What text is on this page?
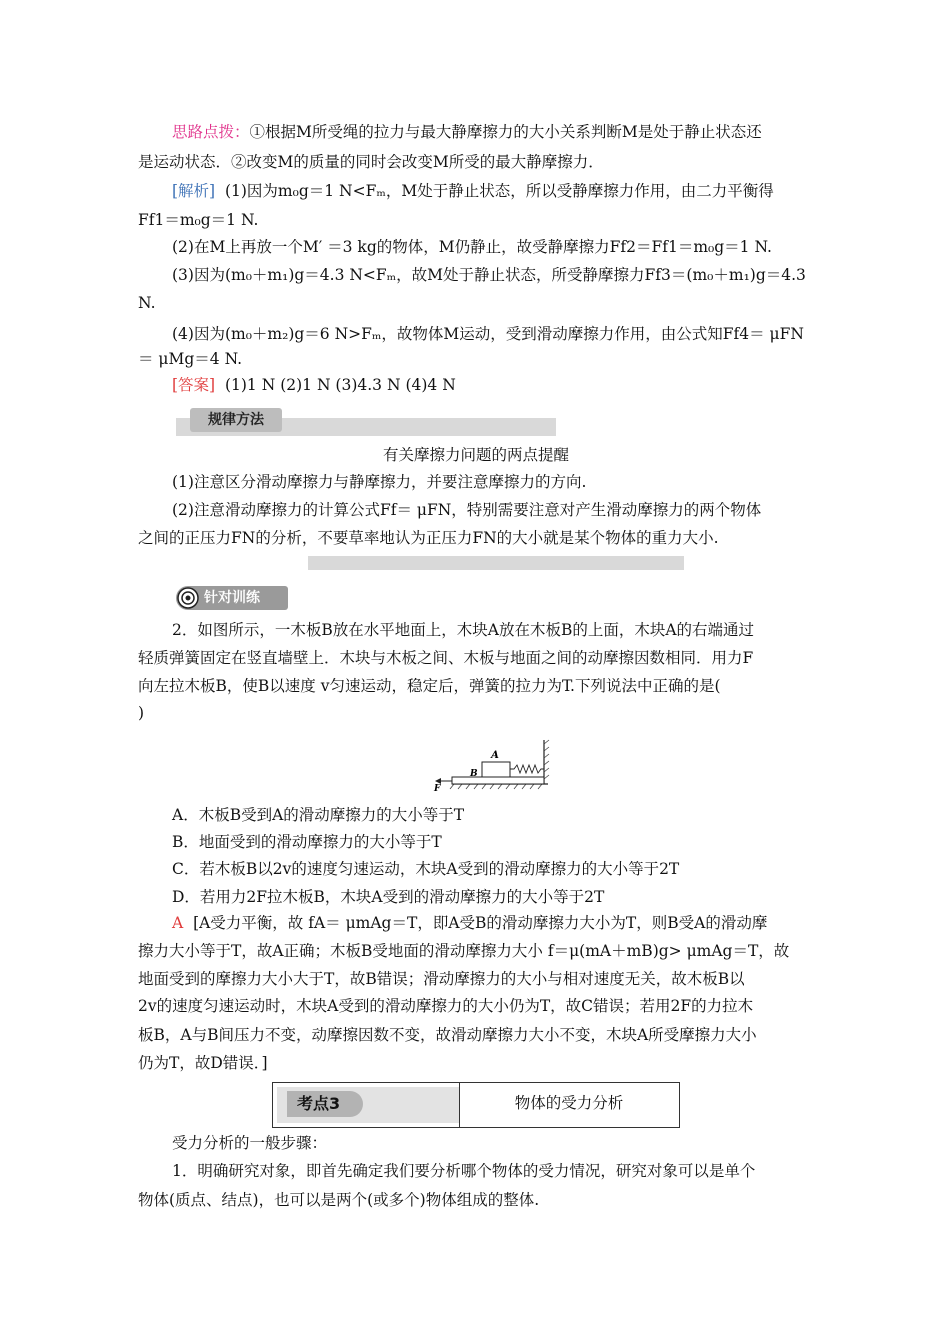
思路点拨：①根据M所受绳的拉力与最大静摩擦力的大小关系判断M是处于静止状态还
是运动状态．②改变M的质量的同时会改变M所受的最大静摩擦力．
[解析] (1)因为m₀g＝1 N<Fₘ，M处于静止状态，所以受静摩擦力作用，由二力平衡得
Ff1＝m₀g＝1 N.
(2)在M上再放一个M′ ＝3 kg的物体，M仍静止，故受静摩擦力Ff2＝Ff1＝m₀g＝1 N.
(3)因为(m₀＋m₁)g＝4.3 N<Fₘ，故M处于静止状态，所受静摩擦力Ff3＝(m₀＋m₁)g＝4.3
N.
(4)因为(m₀＋m₂)g＝6 N>Fₘ，故物体M运动，受到滑动摩擦力作用，由公式知Ff4＝ μFN
＝ μMg＝4 N.
[答案] (1)1 N (2)1 N (3)4.3 N (4)4 N
规律方法
有关摩擦力问题的两点提醒
(1)注意区分滑动摩擦力与静摩擦力，并要注意摩擦力的方向.
(2)注意滑动摩擦力的计算公式Ff＝ μFN，特别需要注意对产生滑动摩擦力的两个物体
之间的正压力FN的分析，不要草率地认为正压力FN的大小就是某个物体的重力大小.
针对训练
2．如图所示，一木板B放在水平地面上，木块A放在木板B的上面，木块A的右端通过
轻质弹簧固定在竖直墙壁上．木块与木板之间、木板与地面之间的动摩擦因数相同．用力F
向左拉木板B，使B以速度 v匀速运动，稳定后，弹簧的拉力为T.下列说法中正确的是(
)
A
B
F
A．木板B受到A的滑动摩擦力的大小等于T
B．地面受到的滑动摩擦力的大小等于T
C．若木板B以2v的速度匀速运动，木块A受到的滑动摩擦力的大小等于2T
D．若用力2F拉木板B，木块A受到的滑动摩擦力的大小等于2T
A [A受力平衡，故 fA＝ μmAg＝T，即A受B的滑动摩擦力大小为T，则B受A的滑动摩
擦力大小等于T，故A正确；木板B受地面的滑动摩擦力大小 f＝μ(mA＋mB)g> μmAg＝T，故
地面受到的摩擦力大小大于T，故B错误；滑动摩擦力的大小与相对速度无关，故木板B以
2v的速度匀速运动时，木块A受到的滑动摩擦力的大小仍为T，故C错误；若用2F的力拉木
板B，A与B间压力不变，动摩擦因数不变，故滑动摩擦力大小不变，木块A所受摩擦力大小
仍为T，故D错误．]
考点3	物体的受力分析
受力分析的一般步骤：
1．明确研究对象，即首先确定我们要分析哪个物体的受力情况，研究对象可以是单个
物体(质点、结点)，也可以是两个(或多个)物体组成的整体.
